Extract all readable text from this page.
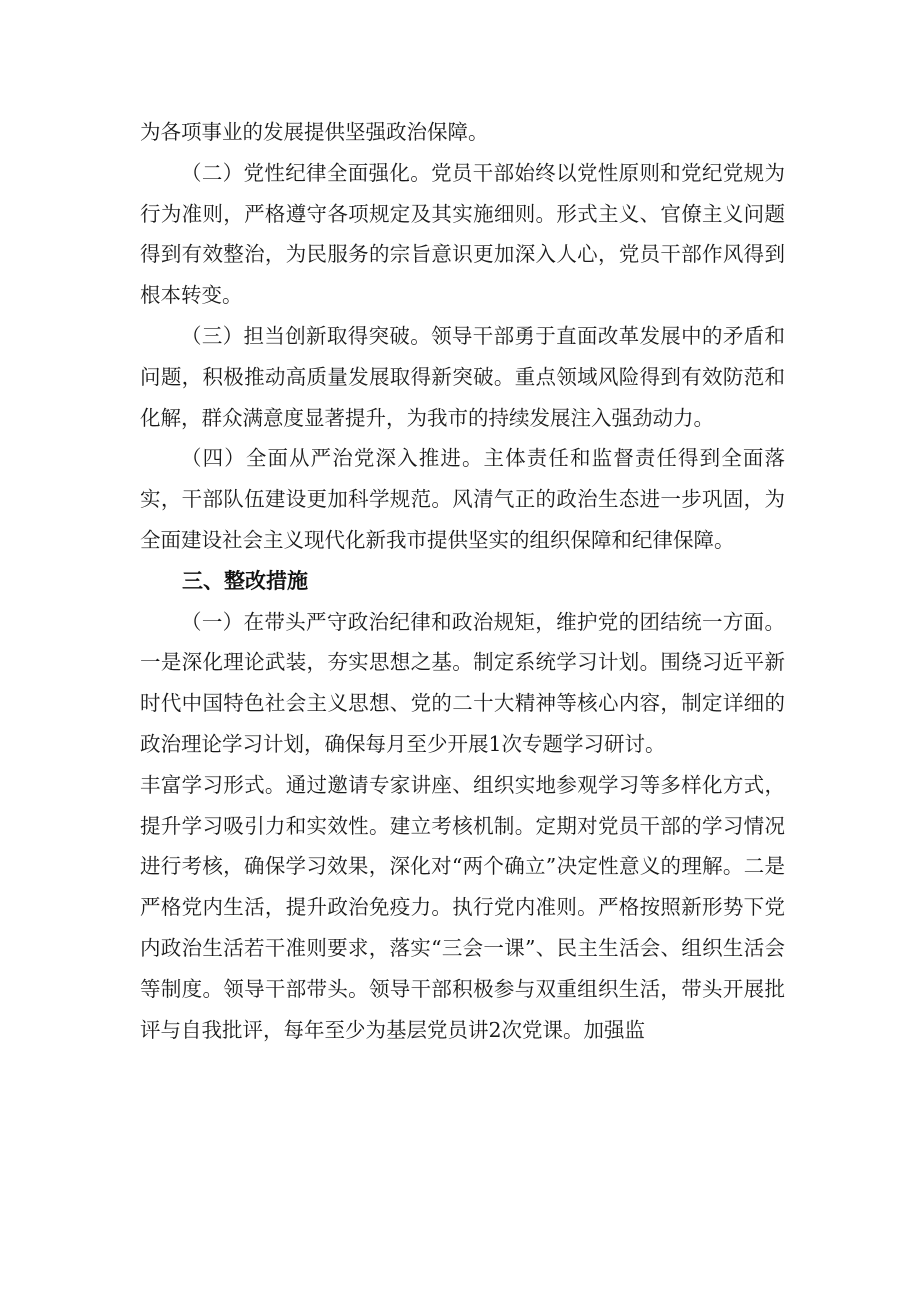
为各项事业的发展提供坚强政治保障。

（二）党性纪律全面强化。党员干部始终以党性原则和党纪党规为行为准则，严格遵守各项规定及其实施细则。形式主义、官僚主义问题得到有效整治，为民服务的宗旨意识更加深入人心，党员干部作风得到根本转变。

（三）担当创新取得突破。领导干部勇于直面改革发展中的矛盾和问题，积极推动高质量发展取得新突破。重点领域风险得到有效防范和化解，群众满意度显著提升，为我市的持续发展注入强劲动力。

（四）全面从严治党深入推进。主体责任和监督责任得到全面落实，干部队伍建设更加科学规范。风清气正的政治生态进一步巩固，为全面建设社会主义现代化新我市提供坚实的组织保障和纪律保障。

三、整改措施

（一）在带头严守政治纪律和政治规矩，维护党的团结统一方面。一是深化理论武装，夯实思想之基。制定系统学习计划。围绕习近平新时代中国特色社会主义思想、党的二十大精神等核心内容，制定详细的政治理论学习计划，确保每月至少开展1次专题学习研讨。

丰富学习形式。通过邀请专家讲座、组织实地参观学习等多样化方式，提升学习吸引力和实效性。建立考核机制。定期对党员干部的学习情况进行考核，确保学习效果，深化对“两个确立”决定性意义的理解。二是严格党内生活，提升政治免疫力。执行党内准则。严格按照新形势下党内政治生活若干准则要求，落实“三会一课”、民主生活会、组织生活会等制度。领导干部带头。领导干部积极参与双重组织生活，带头开展批评与自我批评，每年至少为基层党员讲2次党课。加强监
